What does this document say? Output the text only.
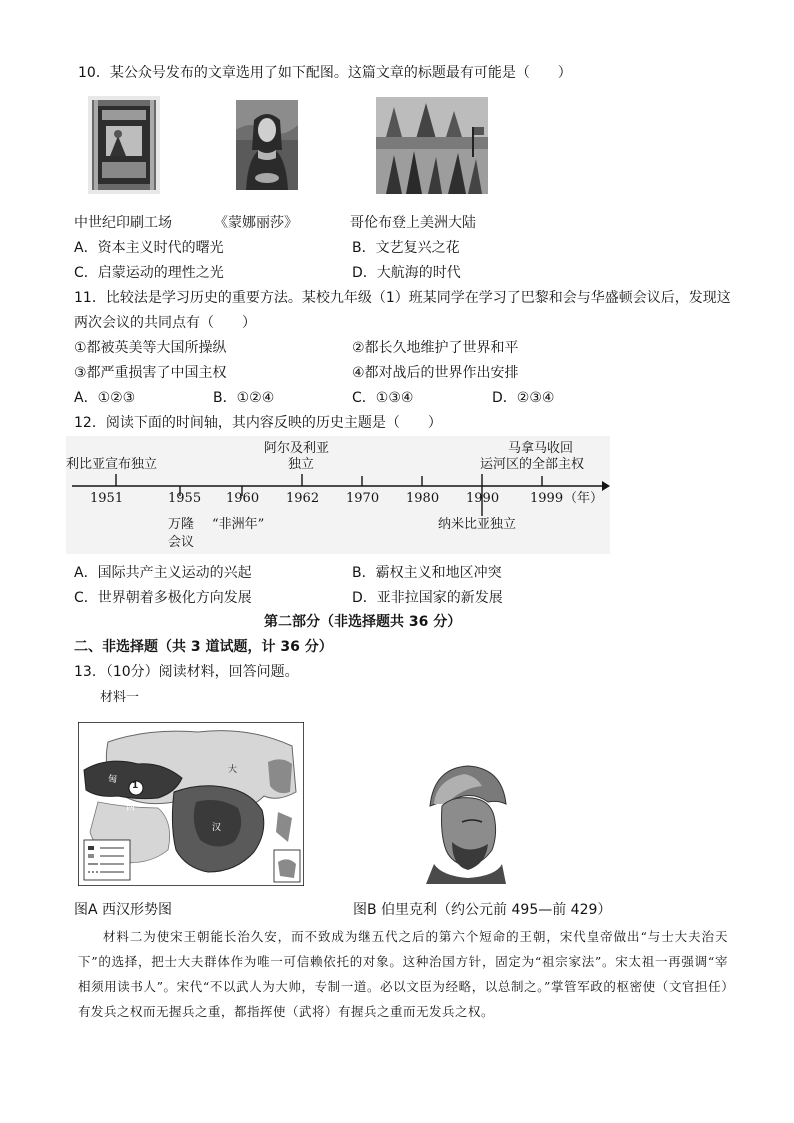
10．某公众号发布的文章选用了如下配图。这篇文章的标题最有可能是（　　）
中世纪印刷工场	《蒙娜丽莎》	哥伦布登上美洲大陆
A．资本主义时代的曙光	B．文艺复兴之花
C．启蒙运动的理性之光	D．大航海的时代
11．比较法是学习历史的重要方法。某校九年级（1）班某同学在学习了巴黎和会与华盛顿会议后，发现这
两次会议的共同点有（　　）
①都被英美等大国所操纵	②都长久地维护了世界和平
③都严重损害了中国主权	④都对战后的世界作出安排
A．①②③	B．①②④	C．①③④	D．②③④
12．阅读下面的时间轴，其内容反映的历史主题是（　　）
利比亚宣布独立
阿尔及利亚
独立
马拿马收回
运河区的全部主权
1951	1955 1960 1962 1970 1980 1990 1999 （年）
万隆
会议
“非洲年”	纳米比亚独立
A．国际共产主义运动的兴起	B．霸权主义和地区冲突
C．世界朝着多极化方向发展	D．亚非拉国家的新发展
第二部分（非选择题共 36 分）
二、非选择题（共 3 道试题，计 36 分）
13．（10分）阅读材料，回答问题。
材料一
1
匈
西
大
汉
图A 西汉形势图	图B 伯里克利（约公元前 495—前 429）
材料二为使宋王朝能长治久安，而不致成为继五代之后的第六个短命的王朝，宋代皇帝做出“与士大夫治天下”的选择，把士大夫群体作为唯一可信赖依托的对象。这种治国方针，固定为“祖宗家法”。宋太祖一再强调“宰相须用读书人”。宋代“不以武人为大帅，专制一道。必以文臣为经略，以总制之。”掌管军政的枢密使（文官担任）有发兵之权而无握兵之重，都指挥使（武将）有握兵之重而无发兵之权。
